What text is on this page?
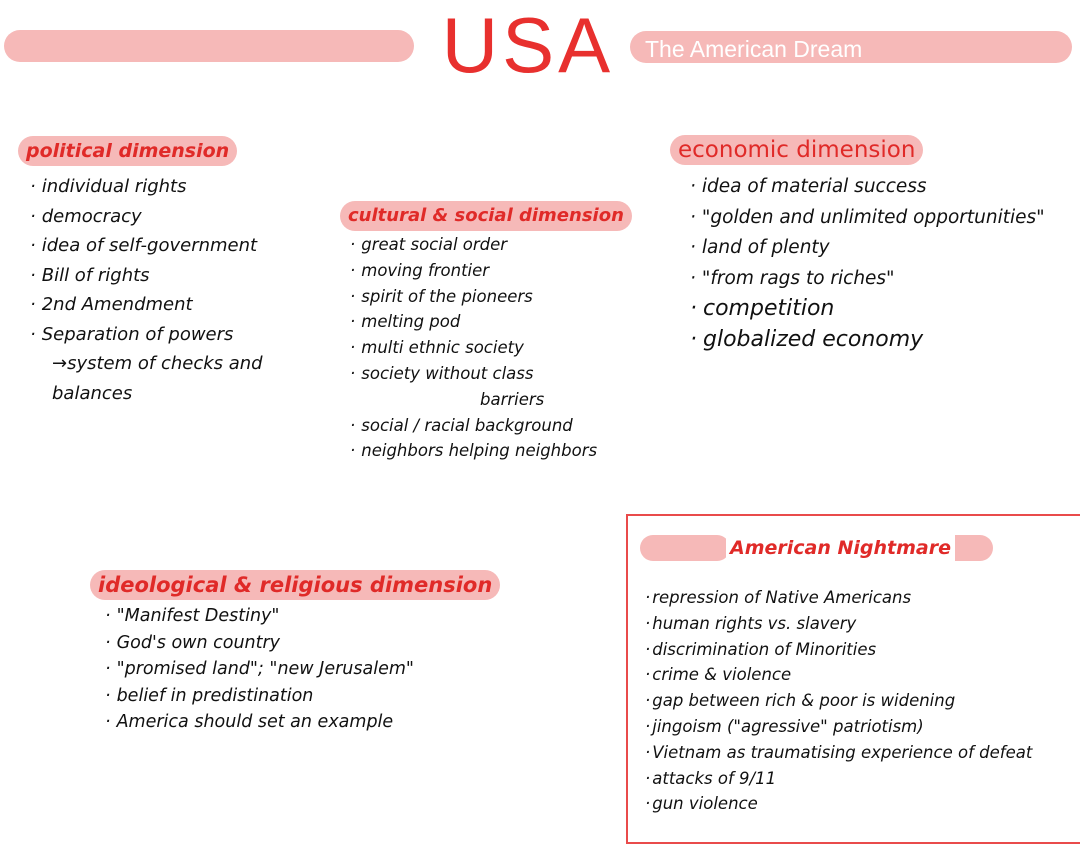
USA	The American Dream
political dimension
· individual rights
· democracy
· idea of self-government
· Bill of rights
· 2nd Amendment
· Separation of powers
→system of checks and
balances
cultural & social dimension
· great social order
· moving frontier
· spirit of the pioneers
· melting pod
· multi ethnic society
· society without class
barriers
· social / racial background
· neighbors helping neighbors
economic dimension
· idea of material success
· "golden and unlimited opportunities"
· land of plenty
· "from rags to riches"
· competition
· globalized economy
ideological & religious dimension
· "Manifest Destiny"
· God's own country
· "promised land"; "new Jerusalem"
· belief in predistination
· America should set an example
American Nightmare
· repression of Native Americans
· human rights vs. slavery
· discrimination of Minorities
· crime & violence
· gap between rich & poor is widening
· jingoism ("agressive" patriotism)
· Vietnam as traumatising experience of defeat
· attacks of 9/11
· gun violence
